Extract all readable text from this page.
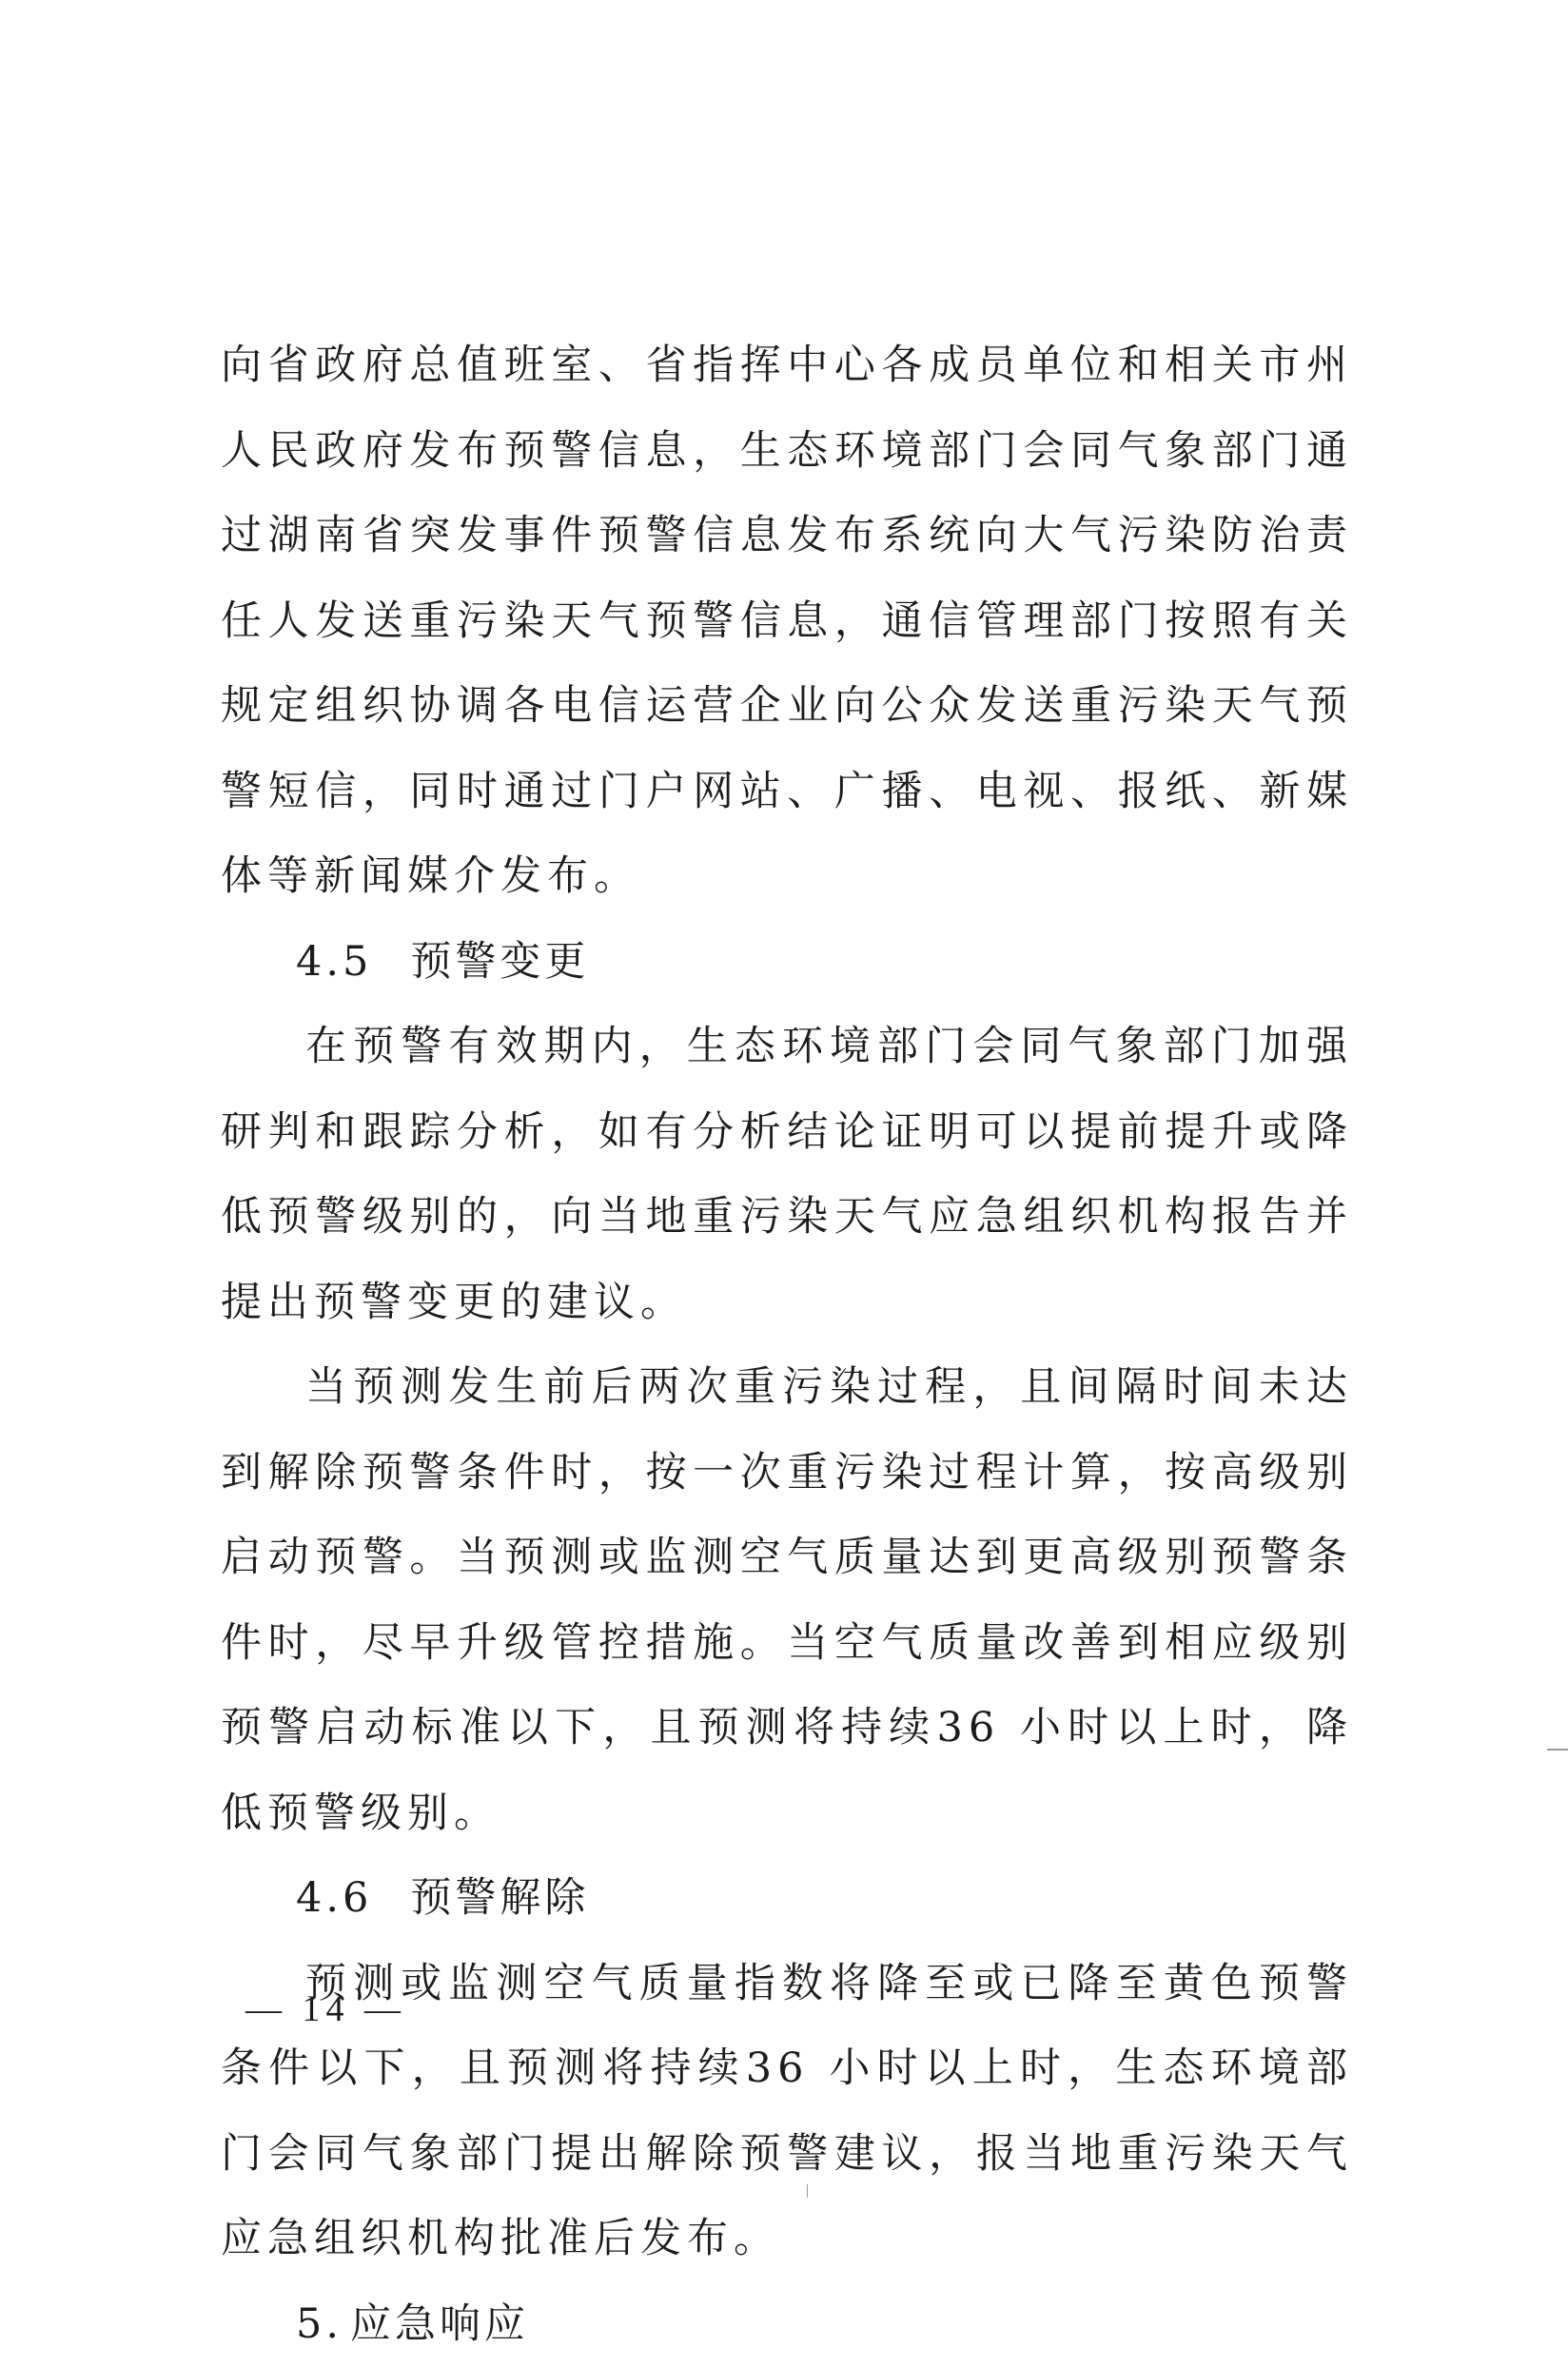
向省政府总值班室、省指挥中心各成员单位和相关市州人民政府发布预警信息，生态环境部门会同气象部门通过湖南省突发事件预警信息发布系统向大气污染防治责任人发送重污染天气预警信息，通信管理部门按照有关规定组织协调各电信运营企业向公众发送重污染天气预警短信，同时通过门户网站、广播、电视、报纸、新媒体等新闻媒介发布。

4.5 预警变更

在预警有效期内，生态环境部门会同气象部门加强研判和跟踪分析，如有分析结论证明可以提前提升或降低预警级别的，向当地重污染天气应急组织机构报告并提出预警变更的建议。

当预测发生前后两次重污染过程，且间隔时间未达到解除预警条件时，按一次重污染过程计算，按高级别启动预警。当预测或监测空气质量达到更高级别预警条件时，尽早升级管控措施。当空气质量改善到相应级别预警启动标准以下，且预测将持续36 小时以上时，降低预警级别。

4.6 预警解除

预测或监测空气质量指数将降至或已降至黄色预警条件以下，且预测将持续36 小时以上时，生态环境部门会同气象部门提出解除预警建议，报当地重污染天气应急组织机构批准后发布。

5. 应急响应

— 14 —
